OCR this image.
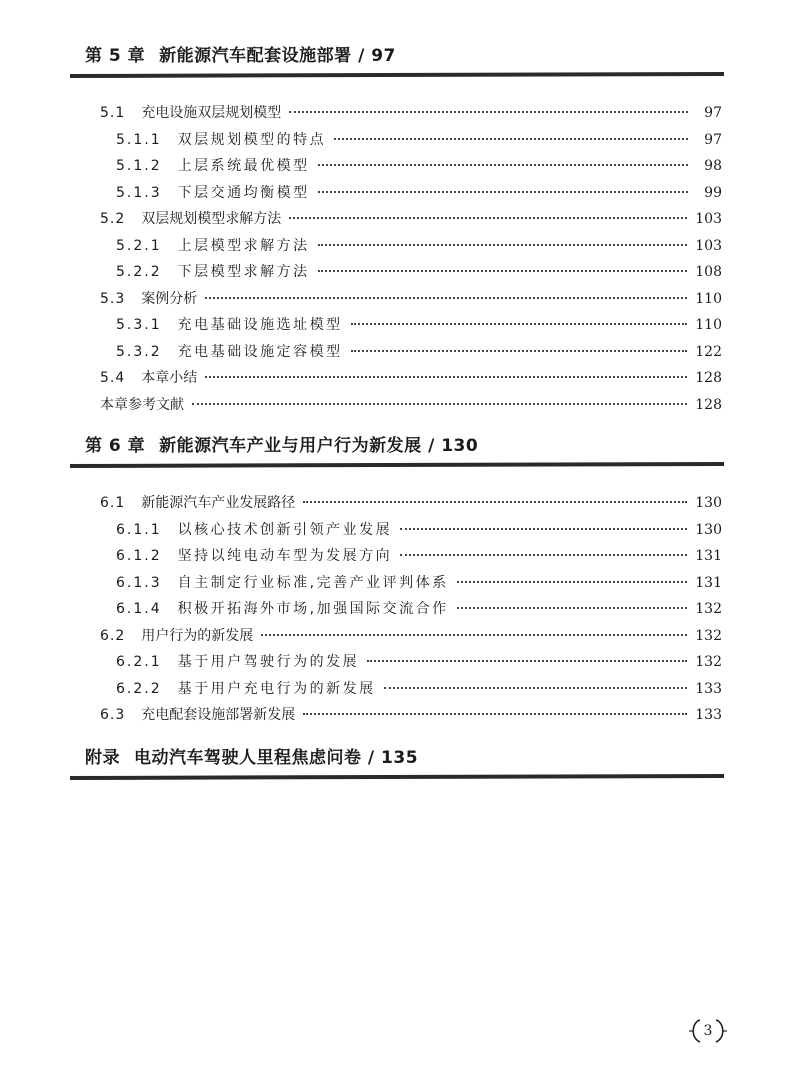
第 5 章 新能源汽车配套设施部署 / 97
5.1 充电设施双层规划模型	97
5.1.1 双层规划模型的特点	97
5.1.2 上层系统最优模型	98
5.1.3 下层交通均衡模型	99
5.2 双层规划模型求解方法	103
5.2.1 上层模型求解方法	103
5.2.2 下层模型求解方法	108
5.3 案例分析	110
5.3.1 充电基础设施选址模型	110
5.3.2 充电基础设施定容模型	122
5.4 本章小结	128
本章参考文献	128
第 6 章 新能源汽车产业与用户行为新发展 / 130
6.1 新能源汽车产业发展路径	130
6.1.1 以核心技术创新引领产业发展	130
6.1.2 坚持以纯电动车型为发展方向	131
6.1.3 自主制定行业标准,完善产业评判体系	131
6.1.4 积极开拓海外市场,加强国际交流合作	132
6.2 用户行为的新发展	132
6.2.1 基于用户驾驶行为的发展	132
6.2.2 基于用户充电行为的新发展	133
6.3 充电配套设施部署新发展	133
附录 电动汽车驾驶人里程焦虑问卷 / 135
3
